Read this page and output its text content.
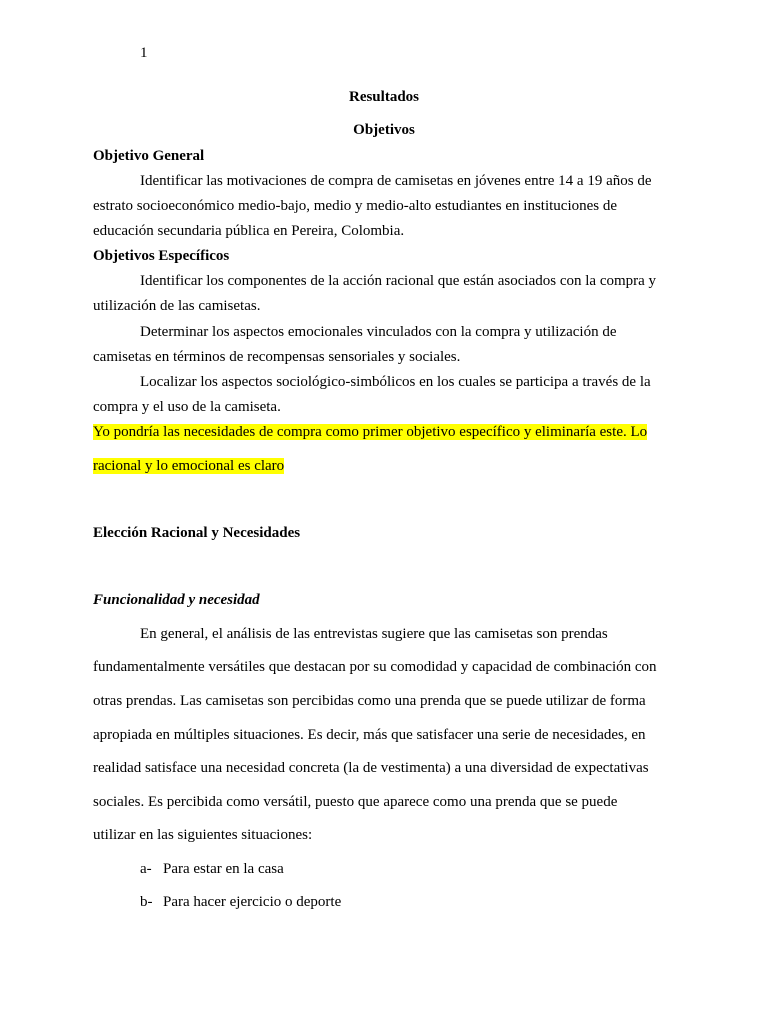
1
Resultados
Objetivos
Objetivo General
Identificar las motivaciones de compra de camisetas en jóvenes entre 14 a 19 años de
estrato socioeconómico medio-bajo, medio y medio-alto estudiantes en instituciones de
educación secundaria pública en Pereira, Colombia.
Objetivos Específicos
Identificar los componentes de la acción racional que están asociados con la compra y
utilización de las camisetas.
Determinar los aspectos emocionales vinculados con la compra y utilización de
camisetas en términos de recompensas sensoriales y sociales.
Localizar los aspectos sociológico-simbólicos en los cuales se participa a través de la
compra y el uso de la camiseta.
Yo pondría las necesidades de compra como primer objetivo específico y eliminaría este. Lo
racional y lo emocional es claro
Elección Racional y Necesidades
Funcionalidad y necesidad
En general, el análisis de las entrevistas sugiere que las camisetas son prendas
fundamentalmente versátiles que destacan por su comodidad y capacidad de combinación con
otras prendas. Las camisetas son percibidas como una prenda que se puede utilizar de forma
apropiada en múltiples situaciones. Es decir, más que satisfacer una serie de necesidades, en
realidad satisface una necesidad concreta (la de vestimenta) a una diversidad de expectativas
sociales. Es percibida como versátil, puesto que aparece como una prenda que se puede
utilizar en las siguientes situaciones:
a- Para estar en la casa
b- Para hacer ejercicio o deporte
